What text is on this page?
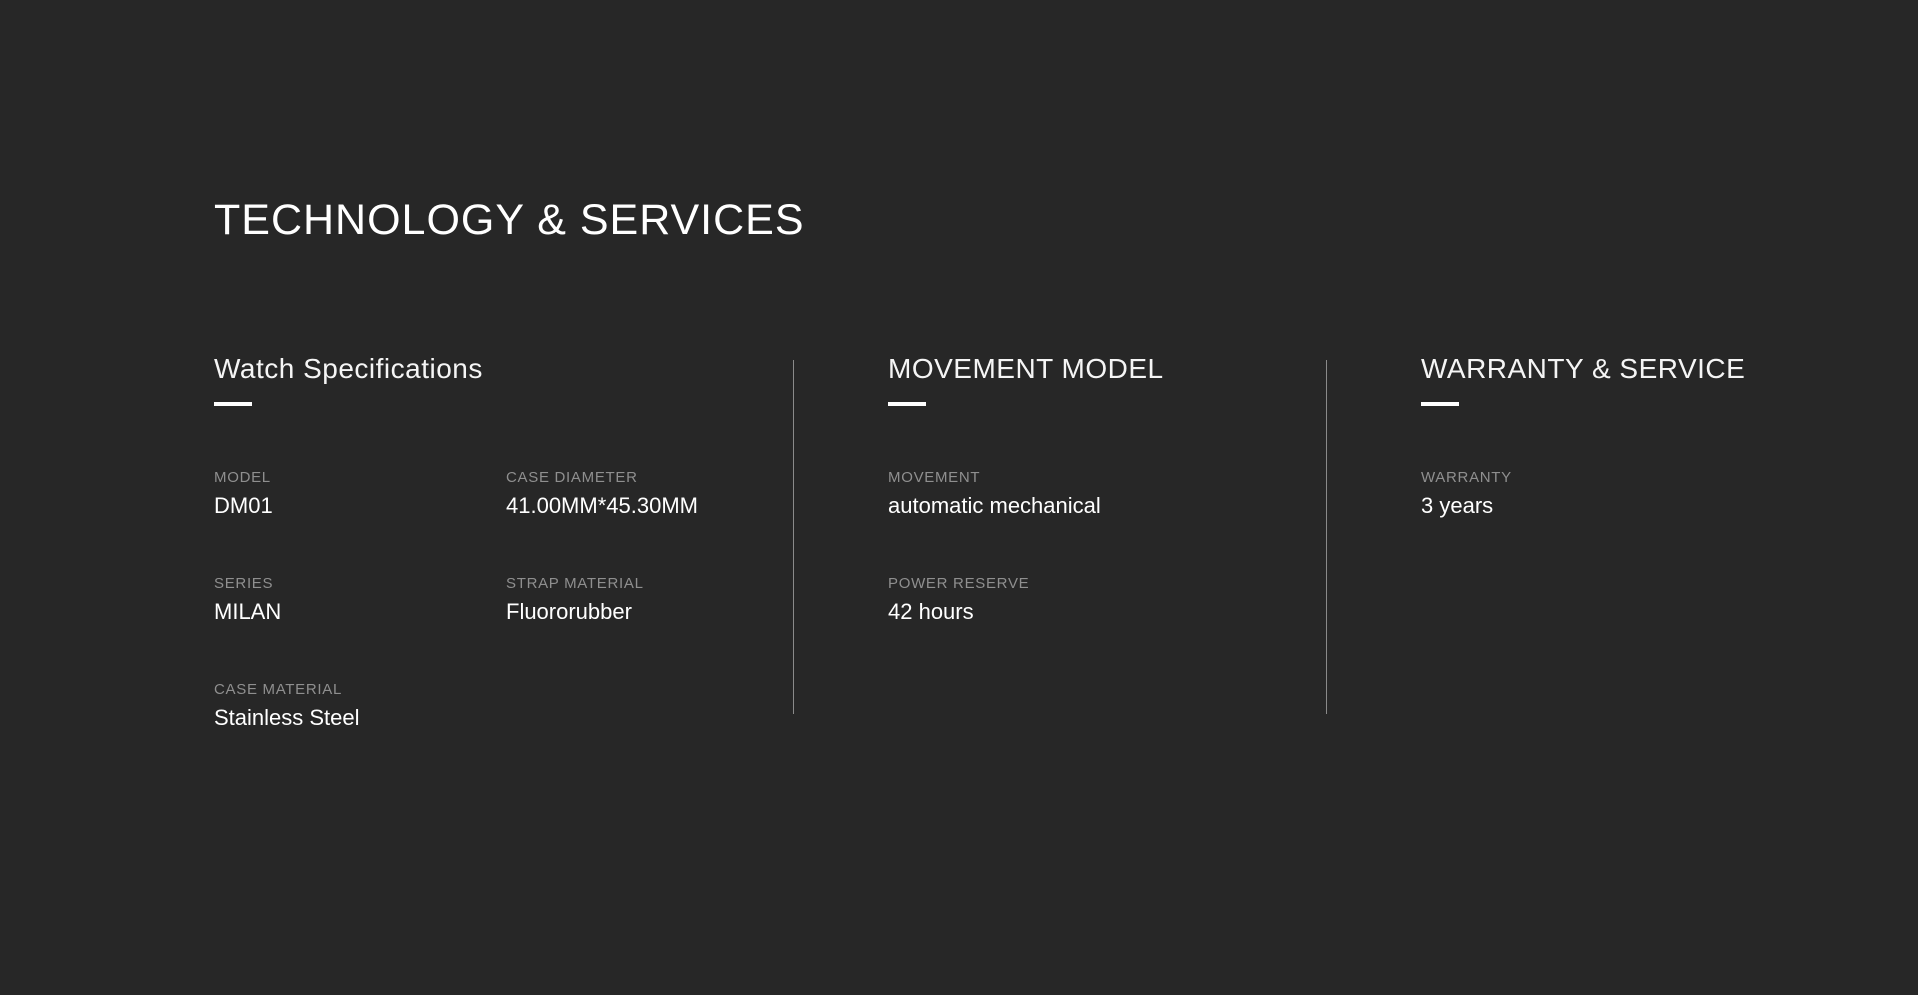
TECHNOLOGY & SERVICES
Watch Specifications
MODEL
DM01
CASE DIAMETER
41.00MM*45.30MM
SERIES
MILAN
STRAP MATERIAL
Fluororubber
CASE MATERIAL
Stainless Steel
MOVEMENT MODEL
MOVEMENT
automatic mechanical
POWER RESERVE
42 hours
WARRANTY & SERVICE
WARRANTY
3 years
